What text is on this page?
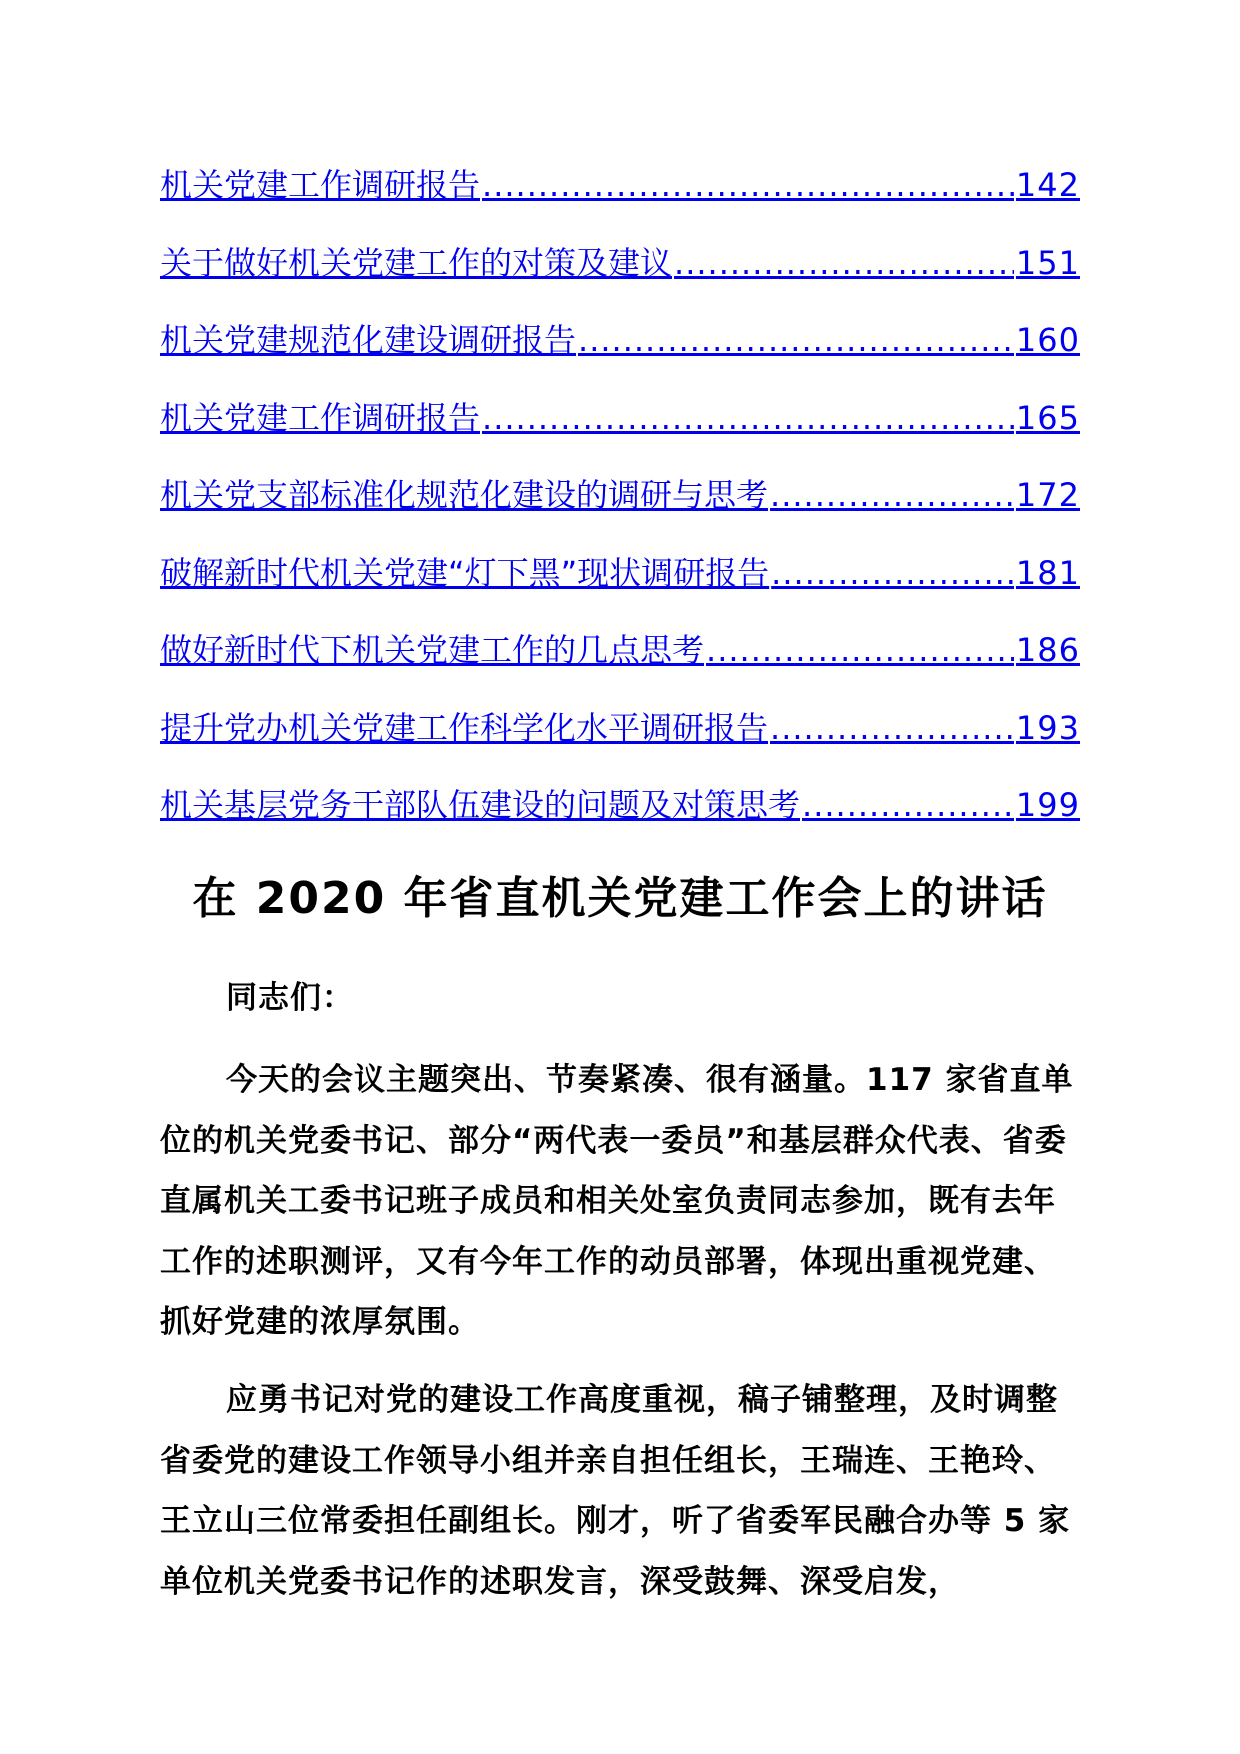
机关党建工作调研报告 .....	142
关于做好机关党建工作的对策及建议 .....	151
机关党建规范化建设调研报告 .....	160
机关党建工作调研报告 .....	165
机关党支部标准化规范化建设的调研与思考 .....	172
破解新时代机关党建“灯下黑”现状调研报告 .....	181
做好新时代下机关党建工作的几点思考 .....	186
提升党办机关党建工作科学化水平调研报告 .....	193
机关基层党务干部队伍建设的问题及对策思考 .....	199
在 2020 年省直机关党建工作会上的讲话

同志们：

今天的会议主题突出、节奏紧凑、很有涵量。117 家省直单位的机关党委书记、部分“两代表一委员”和基层群众代表、省委直属机关工委书记班子成员和相关处室负责同志参加，既有去年工作的述职测评，又有今年工作的动员部署，体现出重视党建、抓好党建的浓厚氛围。

应勇书记对党的建设工作高度重视，稿子铺整理，及时调整省委党的建设工作领导小组并亲自担任组长，王瑞连、王艳玲、王立山三位常委担任副组长。刚才，听了省委军民融合办等 5 家单位机关党委书记作的述职发言，深受鼓舞、深受启发，
